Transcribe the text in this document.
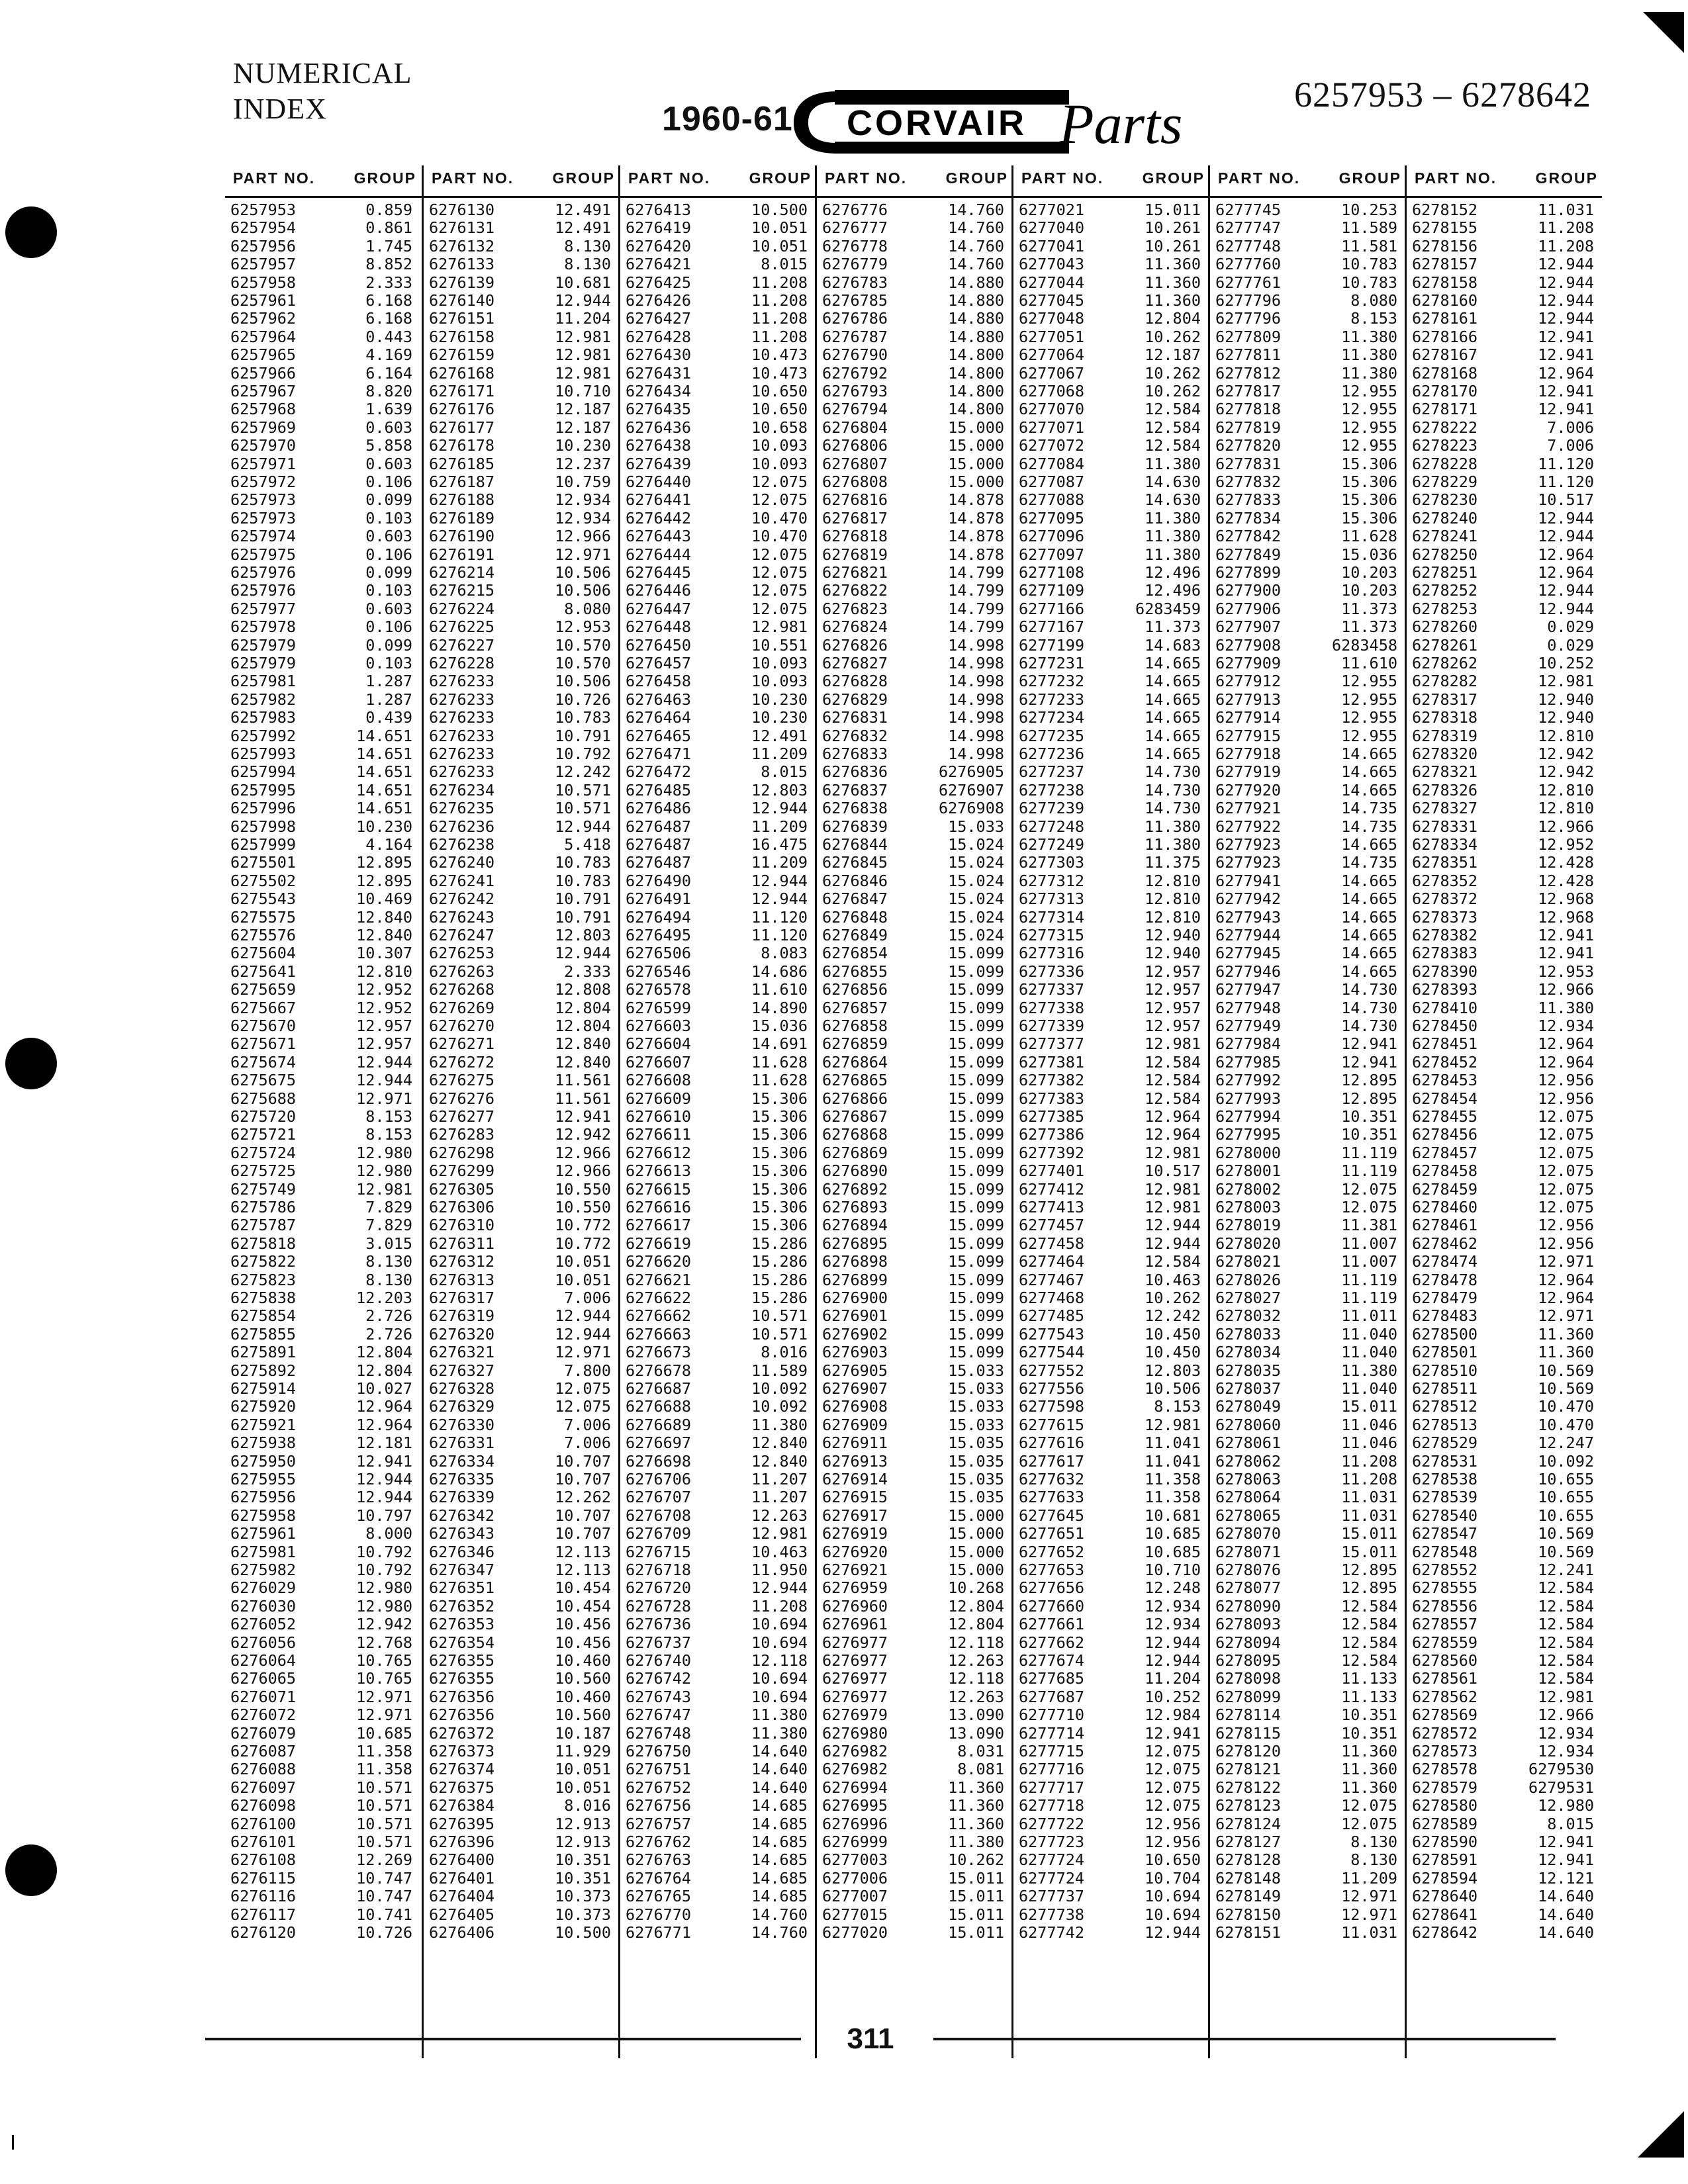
NUMERICAL
INDEX	1960-61 CORVAIR Parts	6257953 – 6278642
PART NO.	GROUP
6257953	0.859
6257954	0.861
6257956	1.745
6257957	8.852
6257958	2.333
6257961	6.168
6257962	6.168
6257964	0.443
6257965	4.169
6257966	6.164
6257967	8.820
6257968	1.639
6257969	0.603
6257970	5.858
6257971	0.603
6257972	0.106
6257973	0.099
6257973	0.103
6257974	0.603
6257975	0.106
6257976	0.099
6257976	0.103
6257977	0.603
6257978	0.106
6257979	0.099
6257979	0.103
6257981	1.287
6257982	1.287
6257983	0.439
6257992	14.651
6257993	14.651
6257994	14.651
6257995	14.651
6257996	14.651
6257998	10.230
6257999	4.164
6275501	12.895
6275502	12.895
6275543	10.469
6275575	12.840
6275576	12.840
6275604	10.307
6275641	12.810
6275659	12.952
6275667	12.952
6275670	12.957
6275671	12.957
6275674	12.944
6275675	12.944
6275688	12.971
6275720	8.153
6275721	8.153
6275724	12.980
6275725	12.980
6275749	12.981
6275786	7.829
6275787	7.829
6275818	3.015
6275822	8.130
6275823	8.130
6275838	12.203
6275854	2.726
6275855	2.726
6275891	12.804
6275892	12.804
6275914	10.027
6275920	12.964
6275921	12.964
6275938	12.181
6275950	12.941
6275955	12.944
6275956	12.944
6275958	10.797
6275961	8.000
6275981	10.792
6275982	10.792
6276029	12.980
6276030	12.980
6276052	12.942
6276056	12.768
6276064	10.765
6276065	10.765
6276071	12.971
6276072	12.971
6276079	10.685
6276087	11.358
6276088	11.358
6276097	10.571
6276098	10.571
6276100	10.571
6276101	10.571
6276108	12.269
6276115	10.747
6276116	10.747
6276117	10.741
6276120	10.726
PART NO.	GROUP
6276130	12.491
6276131	12.491
6276132	8.130
6276133	8.130
6276139	10.681
6276140	12.944
6276151	11.204
6276158	12.981
6276159	12.981
6276168	12.981
6276171	10.710
6276176	12.187
6276177	12.187
6276178	10.230
6276185	12.237
6276187	10.759
6276188	12.934
6276189	12.934
6276190	12.966
6276191	12.971
6276214	10.506
6276215	10.506
6276224	8.080
6276225	12.953
6276227	10.570
6276228	10.570
6276233	10.506
6276233	10.726
6276233	10.783
6276233	10.791
6276233	10.792
6276233	12.242
6276234	10.571
6276235	10.571
6276236	12.944
6276238	5.418
6276240	10.783
6276241	10.783
6276242	10.791
6276243	10.791
6276247	12.803
6276253	12.944
6276263	2.333
6276268	12.808
6276269	12.804
6276270	12.804
6276271	12.840
6276272	12.840
6276275	11.561
6276276	11.561
6276277	12.941
6276283	12.942
6276298	12.966
6276299	12.966
6276305	10.550
6276306	10.550
6276310	10.772
6276311	10.772
6276312	10.051
6276313	10.051
6276317	7.006
6276319	12.944
6276320	12.944
6276321	12.971
6276327	7.800
6276328	12.075
6276329	12.075
6276330	7.006
6276331	7.006
6276334	10.707
6276335	10.707
6276339	12.262
6276342	10.707
6276343	10.707
6276346	12.113
6276347	12.113
6276351	10.454
6276352	10.454
6276353	10.456
6276354	10.456
6276355	10.460
6276355	10.560
6276356	10.460
6276356	10.560
6276372	10.187
6276373	11.929
6276374	10.051
6276375	10.051
6276384	8.016
6276395	12.913
6276396	12.913
6276400	10.351
6276401	10.351
6276404	10.373
6276405	10.373
6276406	10.500
PART NO.	GROUP
6276413	10.500
6276419	10.051
6276420	10.051
6276421	8.015
6276425	11.208
6276426	11.208
6276427	11.208
6276428	11.208
6276430	10.473
6276431	10.473
6276434	10.650
6276435	10.650
6276436	10.658
6276438	10.093
6276439	10.093
6276440	12.075
6276441	12.075
6276442	10.470
6276443	10.470
6276444	12.075
6276445	12.075
6276446	12.075
6276447	12.075
6276448	12.981
6276450	10.551
6276457	10.093
6276458	10.093
6276463	10.230
6276464	10.230
6276465	12.491
6276471	11.209
6276472	8.015
6276485	12.803
6276486	12.944
6276487	11.209
6276487	16.475
6276487	11.209
6276490	12.944
6276491	12.944
6276494	11.120
6276495	11.120
6276506	8.083
6276546	14.686
6276578	11.610
6276599	14.890
6276603	15.036
6276604	14.691
6276607	11.628
6276608	11.628
6276609	15.306
6276610	15.306
6276611	15.306
6276612	15.306
6276613	15.306
6276615	15.306
6276616	15.306
6276617	15.306
6276619	15.286
6276620	15.286
6276621	15.286
6276622	15.286
6276662	10.571
6276663	10.571
6276673	8.016
6276678	11.589
6276687	10.092
6276688	10.092
6276689	11.380
6276697	12.840
6276698	12.840
6276706	11.207
6276707	11.207
6276708	12.263
6276709	12.981
6276715	10.463
6276718	11.950
6276720	12.944
6276728	11.208
6276736	10.694
6276737	10.694
6276740	12.118
6276742	10.694
6276743	10.694
6276747	11.380
6276748	11.380
6276750	14.640
6276751	14.640
6276752	14.640
6276756	14.685
6276757	14.685
6276762	14.685
6276763	14.685
6276764	14.685
6276765	14.685
6276770	14.760
6276771	14.760
PART NO.	GROUP
6276776	14.760
6276777	14.760
6276778	14.760
6276779	14.760
6276783	14.880
6276785	14.880
6276786	14.880
6276787	14.880
6276790	14.800
6276792	14.800
6276793	14.800
6276794	14.800
6276804	15.000
6276806	15.000
6276807	15.000
6276808	15.000
6276816	14.878
6276817	14.878
6276818	14.878
6276819	14.878
6276821	14.799
6276822	14.799
6276823	14.799
6276824	14.799
6276826	14.998
6276827	14.998
6276828	14.998
6276829	14.998
6276831	14.998
6276832	14.998
6276833	14.998
6276836	6276905
6276837	6276907
6276838	6276908
6276839	15.033
6276844	15.024
6276845	15.024
6276846	15.024
6276847	15.024
6276848	15.024
6276849	15.024
6276854	15.099
6276855	15.099
6276856	15.099
6276857	15.099
6276858	15.099
6276859	15.099
6276864	15.099
6276865	15.099
6276866	15.099
6276867	15.099
6276868	15.099
6276869	15.099
6276890	15.099
6276892	15.099
6276893	15.099
6276894	15.099
6276895	15.099
6276898	15.099
6276899	15.099
6276900	15.099
6276901	15.099
6276902	15.099
6276903	15.099
6276905	15.033
6276907	15.033
6276908	15.033
6276909	15.033
6276911	15.035
6276913	15.035
6276914	15.035
6276915	15.035
6276917	15.000
6276919	15.000
6276920	15.000
6276921	15.000
6276959	10.268
6276960	12.804
6276961	12.804
6276977	12.118
6276977	12.263
6276977	12.118
6276977	12.263
6276979	13.090
6276980	13.090
6276982	8.031
6276982	8.081
6276994	11.360
6276995	11.360
6276996	11.360
6276999	11.380
6277003	10.262
6277006	15.011
6277007	15.011
6277015	15.011
6277020	15.011
PART NO.	GROUP
6277021	15.011
6277040	10.261
6277041	10.261
6277043	11.360
6277044	11.360
6277045	11.360
6277048	12.804
6277051	10.262
6277064	12.187
6277067	10.262
6277068	10.262
6277070	12.584
6277071	12.584
6277072	12.584
6277084	11.380
6277087	14.630
6277088	14.630
6277095	11.380
6277096	11.380
6277097	11.380
6277108	12.496
6277109	12.496
6277166	6283459
6277167	11.373
6277199	14.683
6277231	14.665
6277232	14.665
6277233	14.665
6277234	14.665
6277235	14.665
6277236	14.665
6277237	14.730
6277238	14.730
6277239	14.730
6277248	11.380
6277249	11.380
6277303	11.375
6277312	12.810
6277313	12.810
6277314	12.810
6277315	12.940
6277316	12.940
6277336	12.957
6277337	12.957
6277338	12.957
6277339	12.957
6277377	12.981
6277381	12.584
6277382	12.584
6277383	12.584
6277385	12.964
6277386	12.964
6277392	12.981
6277401	10.517
6277412	12.981
6277413	12.981
6277457	12.944
6277458	12.944
6277464	12.584
6277467	10.463
6277468	10.262
6277485	12.242
6277543	10.450
6277544	10.450
6277552	12.803
6277556	10.506
6277598	8.153
6277615	12.981
6277616	11.041
6277617	11.041
6277632	11.358
6277633	11.358
6277645	10.681
6277651	10.685
6277652	10.685
6277653	10.710
6277656	12.248
6277660	12.934
6277661	12.934
6277662	12.944
6277674	12.944
6277685	11.204
6277687	10.252
6277710	12.984
6277714	12.941
6277715	12.075
6277716	12.075
6277717	12.075
6277718	12.075
6277722	12.956
6277723	12.956
6277724	10.650
6277724	10.704
6277737	10.694
6277738	10.694
6277742	12.944
PART NO.	GROUP
6277745	10.253
6277747	11.589
6277748	11.581
6277760	10.783
6277761	10.783
6277796	8.080
6277796	8.153
6277809	11.380
6277811	11.380
6277812	11.380
6277817	12.955
6277818	12.955
6277819	12.955
6277820	12.955
6277831	15.306
6277832	15.306
6277833	15.306
6277834	15.306
6277842	11.628
6277849	15.036
6277899	10.203
6277900	10.203
6277906	11.373
6277907	11.373
6277908	6283458
6277909	11.610
6277912	12.955
6277913	12.955
6277914	12.955
6277915	12.955
6277918	14.665
6277919	14.665
6277920	14.665
6277921	14.735
6277922	14.735
6277923	14.665
6277923	14.735
6277941	14.665
6277942	14.665
6277943	14.665
6277944	14.665
6277945	14.665
6277946	14.665
6277947	14.730
6277948	14.730
6277949	14.730
6277984	12.941
6277985	12.941
6277992	12.895
6277993	12.895
6277994	10.351
6277995	10.351
6278000	11.119
6278001	11.119
6278002	12.075
6278003	12.075
6278019	11.381
6278020	11.007
6278021	11.007
6278026	11.119
6278027	11.119
6278032	11.011
6278033	11.040
6278034	11.040
6278035	11.380
6278037	11.040
6278049	15.011
6278060	11.046
6278061	11.046
6278062	11.208
6278063	11.208
6278064	11.031
6278065	11.031
6278070	15.011
6278071	15.011
6278076	12.895
6278077	12.895
6278090	12.584
6278093	12.584
6278094	12.584
6278095	12.584
6278098	11.133
6278099	11.133
6278114	10.351
6278115	10.351
6278120	11.360
6278121	11.360
6278122	11.360
6278123	12.075
6278124	12.075
6278127	8.130
6278128	8.130
6278148	11.209
6278149	12.971
6278150	12.971
6278151	11.031
PART NO.	GROUP
6278152	11.031
6278155	11.208
6278156	11.208
6278157	12.944
6278158	12.944
6278160	12.944
6278161	12.944
6278166	12.941
6278167	12.941
6278168	12.964
6278170	12.941
6278171	12.941
6278222	7.006
6278223	7.006
6278228	11.120
6278229	11.120
6278230	10.517
6278240	12.944
6278241	12.944
6278250	12.964
6278251	12.964
6278252	12.944
6278253	12.944
6278260	0.029
6278261	0.029
6278262	10.252
6278282	12.981
6278317	12.940
6278318	12.940
6278319	12.810
6278320	12.942
6278321	12.942
6278326	12.810
6278327	12.810
6278331	12.966
6278334	12.952
6278351	12.428
6278352	12.428
6278372	12.968
6278373	12.968
6278382	12.941
6278383	12.941
6278390	12.953
6278393	12.966
6278410	11.380
6278450	12.934
6278451	12.964
6278452	12.964
6278453	12.956
6278454	12.956
6278455	12.075
6278456	12.075
6278457	12.075
6278458	12.075
6278459	12.075
6278460	12.075
6278461	12.956
6278462	12.956
6278474	12.971
6278478	12.964
6278479	12.964
6278483	12.971
6278500	11.360
6278501	11.360
6278510	10.569
6278511	10.569
6278512	10.470
6278513	10.470
6278529	12.247
6278531	10.092
6278538	10.655
6278539	10.655
6278540	10.655
6278547	10.569
6278548	10.569
6278552	12.241
6278555	12.584
6278556	12.584
6278557	12.584
6278559	12.584
6278560	12.584
6278561	12.584
6278562	12.981
6278569	12.966
6278572	12.934
6278573	12.934
6278578	6279530
6278579	6279531
6278580	12.980
6278589	8.015
6278590	12.941
6278591	12.941
6278594	12.121
6278640	14.640
6278641	14.640
6278642	14.640
311
